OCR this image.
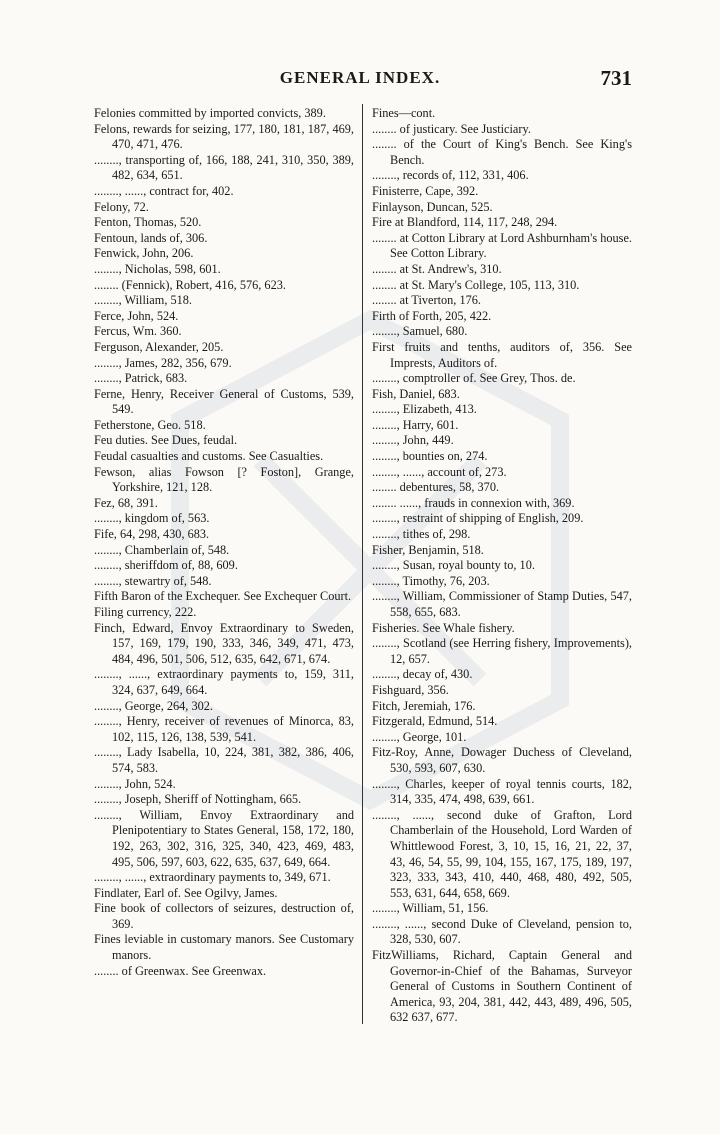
GENERAL INDEX.	731
Felonies committed by imported convicts, 389.
Felons, rewards for seizing, 177, 180, 181, 187, 469, 470, 471, 476.
........, transporting of, 166, 188, 241, 310, 350, 389, 482, 634, 651.
........, ......, contract for, 402.
Felony, 72.
Fenton, Thomas, 520.
Fentoun, lands of, 306.
Fenwick, John, 206.
........, Nicholas, 598, 601.
........ (Fennick), Robert, 416, 576, 623.
........, William, 518.
Ferce, John, 524.
Fercus, Wm. 360.
Ferguson, Alexander, 205.
........, James, 282, 356, 679.
........, Patrick, 683.
Ferne, Henry, Receiver General of Customs, 539, 549.
Fetherstone, Geo. 518.
Feu duties. See Dues, feudal.
Feudal casualties and customs. See Casualties.
Fewson, alias Fowson [? Foston], Grange, Yorkshire, 121, 128.
Fez, 68, 391.
........, kingdom of, 563.
Fife, 64, 298, 430, 683.
........, Chamberlain of, 548.
........, sheriffdom of, 88, 609.
........, stewartry of, 548.
Fifth Baron of the Exchequer. See Exchequer Court.
Filing currency, 222.
Finch, Edward, Envoy Extraordinary to Sweden, 157, 169, 179, 190, 333, 346, 349, 471, 473, 484, 496, 501, 506, 512, 635, 642, 671, 674.
........, ......, extraordinary payments to, 159, 311, 324, 637, 649, 664.
........, George, 264, 302.
........, Henry, receiver of revenues of Minorca, 83, 102, 115, 126, 138, 539, 541.
........, Lady Isabella, 10, 224, 381, 382, 386, 406, 574, 583.
........, John, 524.
........, Joseph, Sheriff of Nottingham, 665.
........, William, Envoy Extraordinary and Plenipotentiary to States General, 158, 172, 180, 192, 263, 302, 316, 325, 340, 423, 469, 483, 495, 506, 597, 603, 622, 635, 637, 649, 664.
........, ......, extraordinary payments to, 349, 671.
Findlater, Earl of. See Ogilvy, James.
Fine book of collectors of seizures, destruction of, 369.
Fines leviable in customary manors. See Customary manors.
........ of Greenwax. See Greenwax.
Fines—cont.
........ of justicary. See Justiciary.
........ of the Court of King's Bench. See King's Bench.
........, records of, 112, 331, 406.
Finisterre, Cape, 392.
Finlayson, Duncan, 525.
Fire at Blandford, 114, 117, 248, 294.
........ at Cotton Library at Lord Ashburnham's house. See Cotton Library.
........ at St. Andrew's, 310.
........ at St. Mary's College, 105, 113, 310.
........ at Tiverton, 176.
Firth of Forth, 205, 422.
........, Samuel, 680.
First fruits and tenths, auditors of, 356. See Imprests, Auditors of.
........, comptroller of. See Grey, Thos. de.
Fish, Daniel, 683.
........, Elizabeth, 413.
........, Harry, 601.
........, John, 449.
........, bounties on, 274.
........, ......, account of, 273.
........ debentures, 58, 370.
........ ......, frauds in connexion with, 369.
........, restraint of shipping of English, 209.
........, tithes of, 298.
Fisher, Benjamin, 518.
........, Susan, royal bounty to, 10.
........, Timothy, 76, 203.
........, William, Commissioner of Stamp Duties, 547, 558, 655, 683.
Fisheries. See Whale fishery.
........, Scotland (see Herring fishery, Improvements), 12, 657.
........, decay of, 430.
Fishguard, 356.
Fitch, Jeremiah, 176.
Fitzgerald, Edmund, 514.
........, George, 101.
Fitz-Roy, Anne, Dowager Duchess of Cleveland, 530, 593, 607, 630.
........, Charles, keeper of royal tennis courts, 182, 314, 335, 474, 498, 639, 661.
........, ......, second duke of Grafton, Lord Chamberlain of the Household, Lord Warden of Whittlewood Forest, 3, 10, 15, 16, 21, 22, 37, 43, 46, 54, 55, 99, 104, 155, 167, 175, 189, 197, 323, 333, 343, 410, 440, 468, 480, 492, 505, 553, 631, 644, 658, 669.
........, William, 51, 156.
........, ......, second Duke of Cleveland, pension to, 328, 530, 607.
FitzWilliams, Richard, Captain General and Governor-in-Chief of the Bahamas, Surveyor General of Customs in Southern Continent of America, 93, 204, 381, 442, 443, 489, 496, 505, 632 637, 677.
